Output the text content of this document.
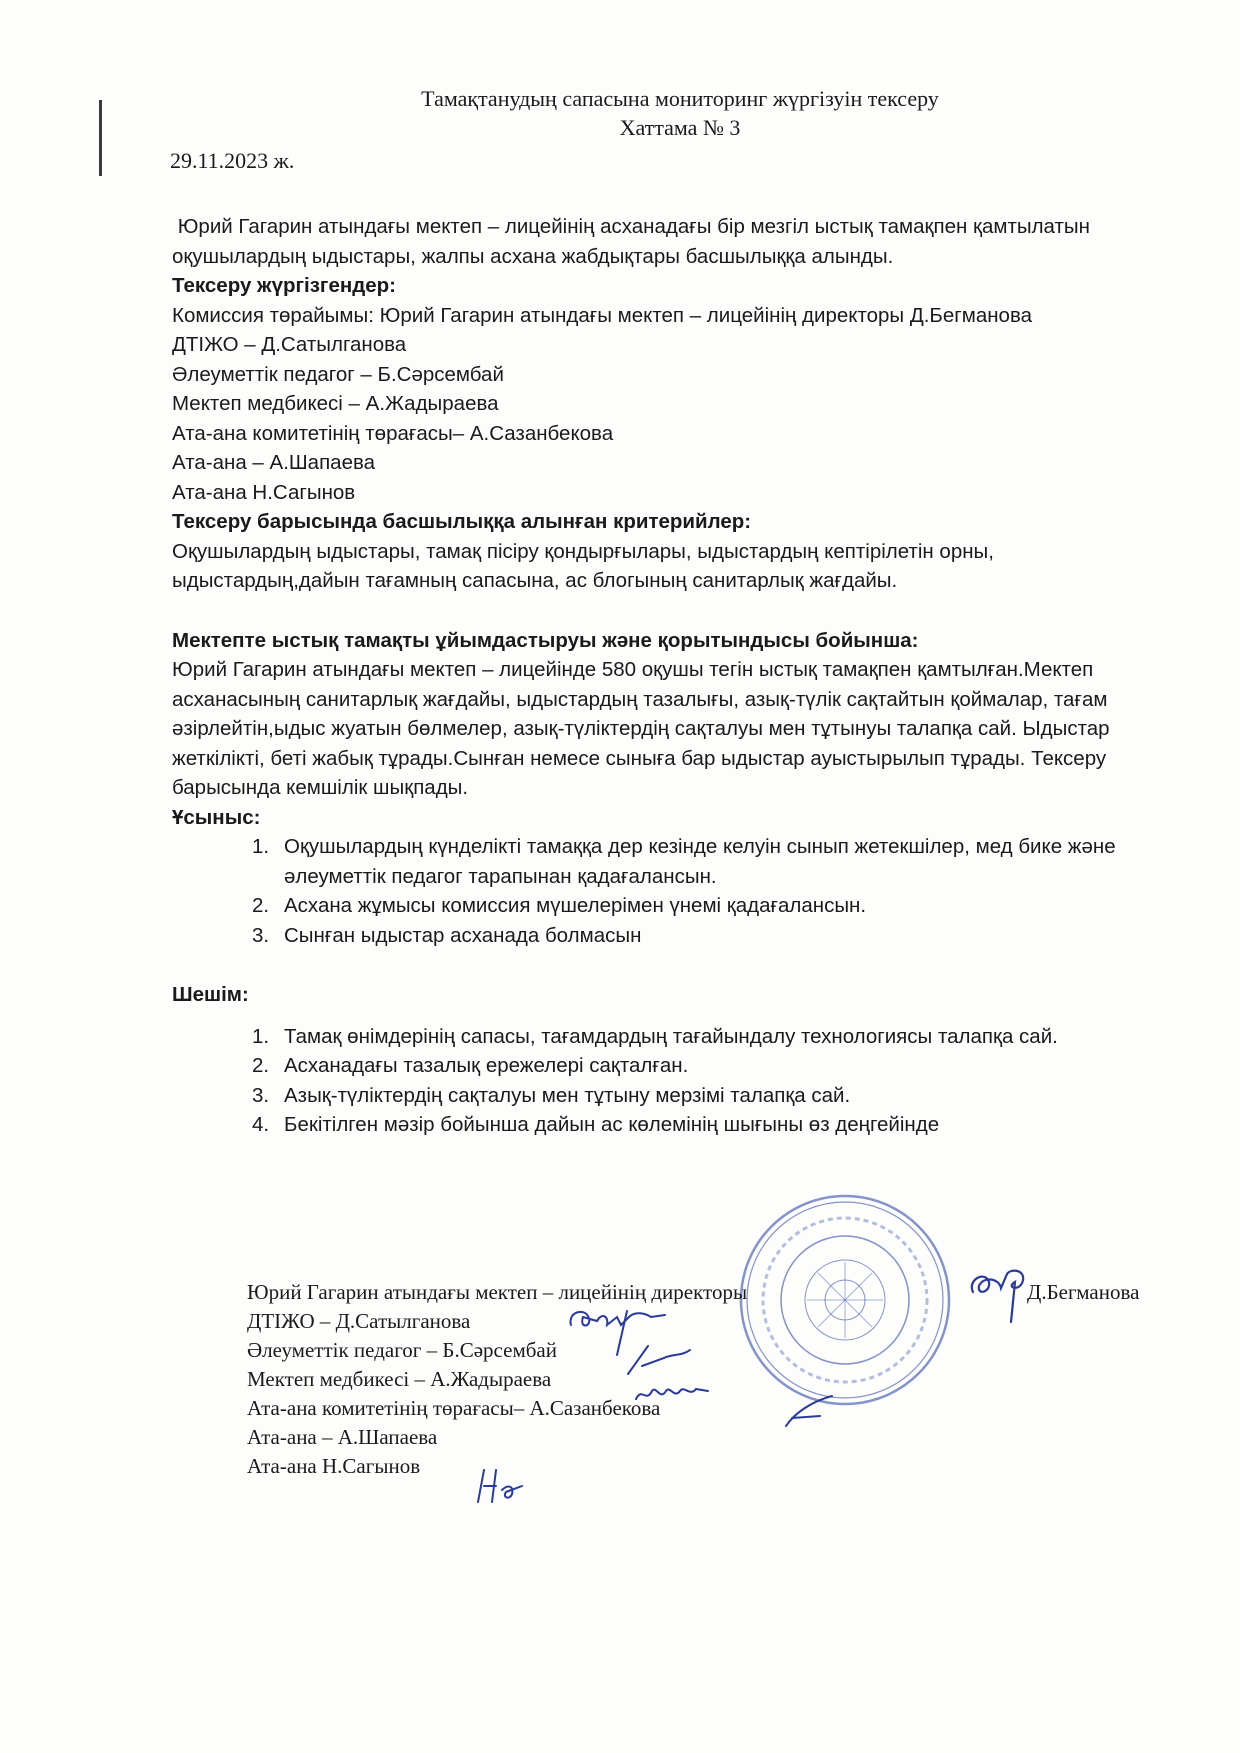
Тамақтанудың сапасына мониторинг жүргізуін тексеру
Хаттама № 3
29.11.2023 ж.

Юрий Гагарин атындағы мектеп – лицейінің асханадағы бір мезгіл ыстық тамақпен қамтылатын оқушылардың ыдыстары, жалпы асхана жабдықтары басшылыққа алынды.

Тексеру жүргізгендер:

Комиссия төрайымы: Юрий Гагарин атындағы мектеп – лицейінің директоры Д.Бегманова

ДТІЖО – Д.Сатылганова

Әлеуметтік педагог – Б.Сәрсембай

Мектеп медбикесі – А.Жадыраева

Ата-ана комитетінің төрағасы– А.Сазанбекова

Ата-ана – А.Шапаева

Ата-ана Н.Сагынов

Тексеру барысында басшылыққа алынған критерийлер:

Оқушылардың ыдыстары, тамақ пісіру қондырғылары, ыдыстардың кептірілетін орны, ыдыстардың,дайын тағамның сапасына, ас блогының санитарлық жағдайы.

Мектепте ыстық тамақты ұйымдастыруы және қорытындысы бойынша:

Юрий Гагарин атындағы мектеп – лицейінде 580 оқушы тегін ыстық тамақпен қамтылған.Мектеп асханасының санитарлық жағдайы, ыдыстардың тазалығы, азық-түлік сақтайтын қоймалар, тағам әзірлейтін,ыдыс жуатын бөлмелер, азық-түліктердің сақталуы мен тұтынуы талапқа сай. Ыдыстар жеткілікті, беті жабық тұрады.Сынған немесе сыныға бар ыдыстар ауыстырылып тұрады. Тексеру барысында кемшілік шықпады.

Ұсыныс:

1. Оқушылардың күнделікті тамаққа дер кезінде келуін сынып жетекшілер, мед бике және әлеуметтік педагог тарапынан қадағалансын.
2. Асхана жұмысы комиссия мүшелерімен үнемі қадағалансын.
3. Сынған ыдыстар асханада болмасын

Шешім:

1. Тамақ өнімдерінің сапасы, тағамдардың тағайындалу технологиясы талапқа сай.
2. Асханадағы тазалық ережелері сақталған.
3. Азық-түліктердің сақталуы мен тұтыну мерзімі талапқа сай.
4. Бекітілген мәзір бойынша дайын ас көлемінің шығыны өз деңгейінде

Юрий Гагарин атындағы мектеп – лицейінің директоры

ДТІЖО – Д.Сатылганова

Әлеуметтік педагог – Б.Сәрсембай

Мектеп медбикесі – А.Жадыраева

Ата-ана комитетінің төрағасы– А.Сазанбекова

Ата-ана – А.Шапаева

Ата-ана Н.Сагынов

Д.Бегманова
